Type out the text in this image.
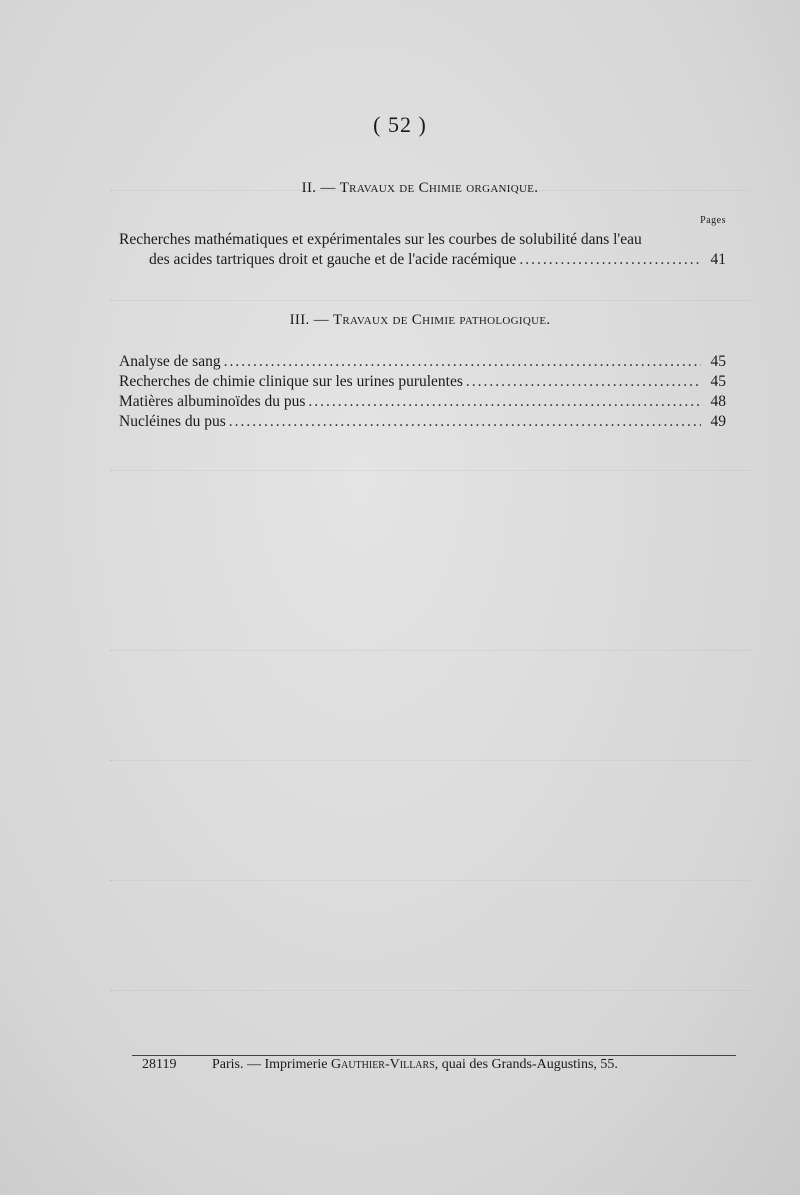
( 52 )
II. — Travaux de Chimie organique.
Pages
Recherches mathématiques et expérimentales sur les courbes de solubilité dans l'eau
des acides tartriques droit et gauche et de l'acide racémique .....	41
III. — Travaux de Chimie pathologique.
Analyse de sang .....	45
Recherches de chimie clinique sur les urines purulentes .....	45
Matières albuminoïdes du pus .....	48
Nucléines du pus .....	49
28119	Paris. — Imprimerie Gauthier-Villars, quai des Grands-Augustins, 55.
